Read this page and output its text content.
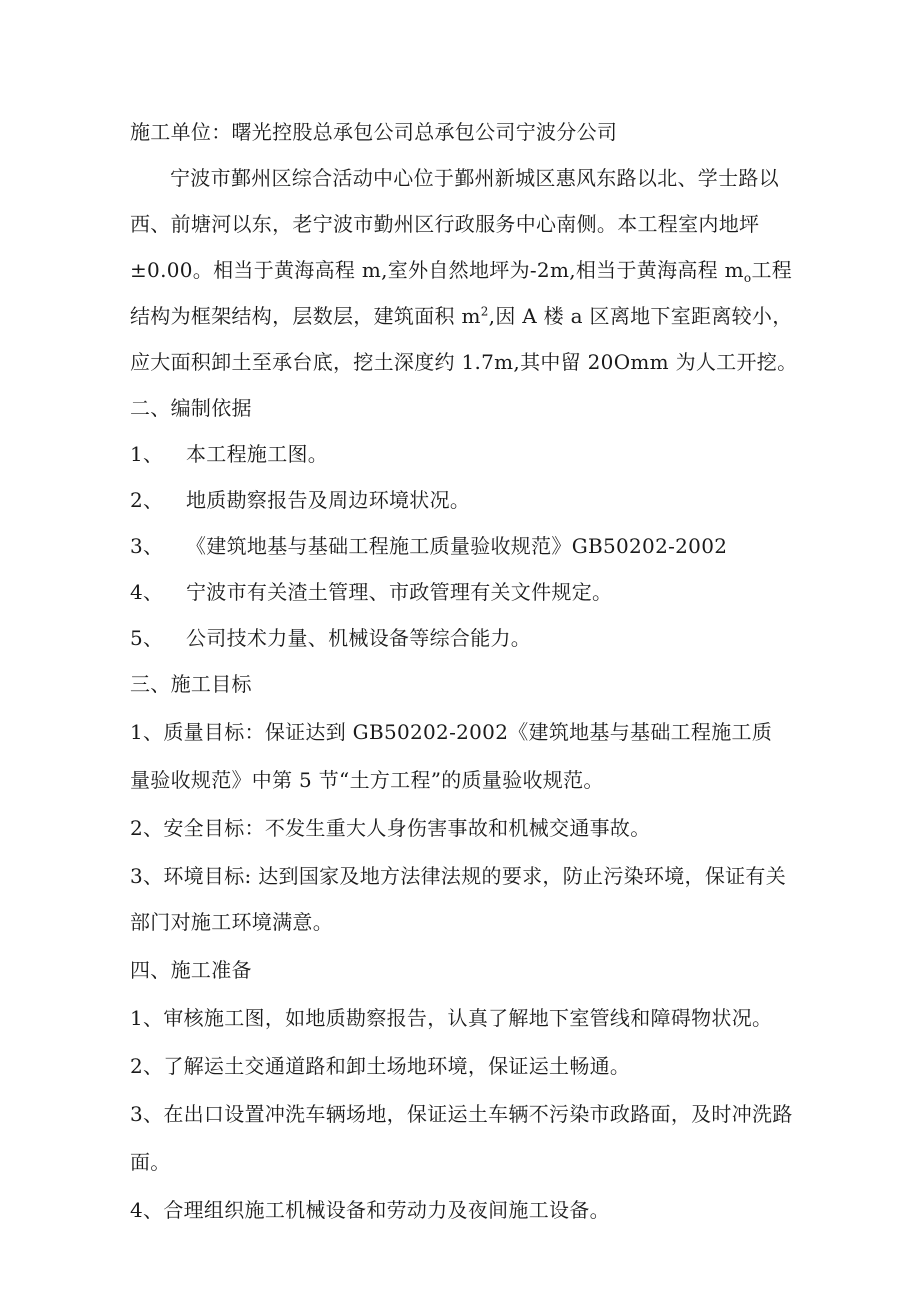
施工单位：曙光控股总承包公司总承包公司宁波分公司
宁波市鄞州区综合活动中心位于鄞州新城区惠风东路以北、学士路以
西、前塘河以东，老宁波市勤州区行政服务中心南侧。本工程室内地坪
±0.00。相当于黄海高程 m,室外自然地坪为-2m,相当于黄海高程 $m_o$工程
结构为框架结构，层数层，建筑面积 $m^2$,因 A 楼 a 区离地下室距离较小，
应大面积卸土至承台底，挖土深度约 1.7m,其中留 20Omm 为人工开挖。
二、编制依据
1、 本工程施工图。
2、 地质勘察报告及周边环境状况。
3、 《建筑地基与基础工程施工质量验收规范》GB50202-2002
4、 宁波市有关渣土管理、市政管理有关文件规定。
5、 公司技术力量、机械设备等综合能力。
三、施工目标
1、质量目标：保证达到 GB50202-2002《建筑地基与基础工程施工质
量验收规范》中第 5 节“土方工程”的质量验收规范。
2、安全目标：不发生重大人身伤害事故和机械交通事故。
3、环境目标: 达到国家及地方法律法规的要求，防止污染环境，保证有关
部门对施工环境满意。
四、施工准备
1、审核施工图，如地质勘察报告，认真了解地下室管线和障碍物状况。
2、了解运土交通道路和卸土场地环境，保证运土畅通。
3、在出口设置冲洗车辆场地，保证运土车辆不污染市政路面，及时冲洗路
面。
4、合理组织施工机械设备和劳动力及夜间施工设备。
